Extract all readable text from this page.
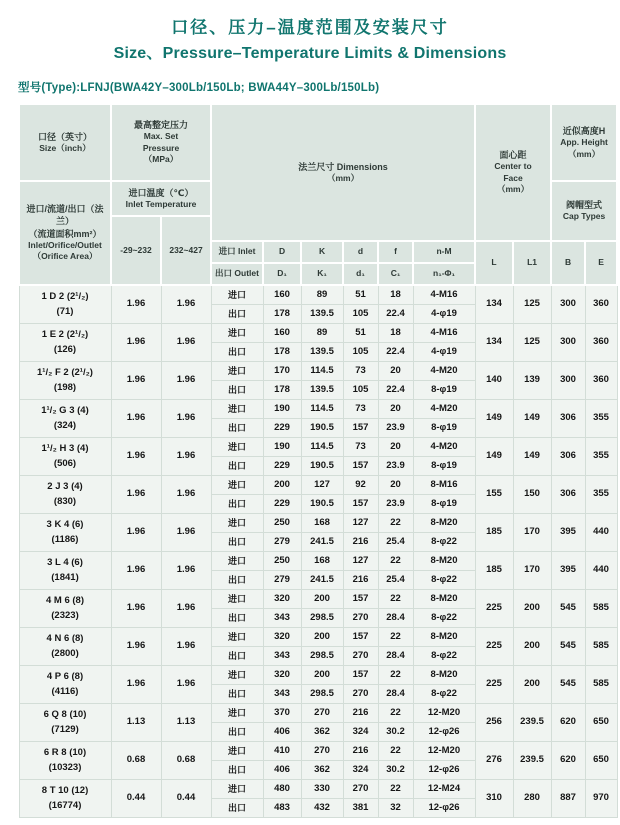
口径、压力–温度范围及安装尺寸
Size、Pressure–Temperature Limits & Dimensions
型号(Type):LFNJ(BWA42Y–300Lb/150Lb; BWA44Y–300Lb/150Lb)
口径（英寸）
Size（inch）

最高整定压力
Max. Set
Pressure
（MPa）

法兰尺寸 Dimensions
（mm）

面心距
Center to
Face
（mm）

近似高度H
App. Height
（mm）

进口/流道/出口（法兰）
（流道面积mm²）
Inlet/Orifice/Outlet
（Orifice Area）

进口温度（℃）
Inlet Temperature	阀帽型式
Cap Types

	-29~232	232~427										
			进口 Inlet	D	K	d	f	n-M	L	L1	B	E
			出口 Outlet	D₁	K₁	d₁	C₁	n₁-Φ₁				

1 D 2 (2¹/₂)
(71)	1.96	1.96	进口	160	89	51	18	4-M16	134	125	300	360
			出口	178	139.5	105	22.4	4-φ19				

1 E 2 (2¹/₂)
(126)	1.96	1.96	进口	160	89	51	18	4-M16	134	125	300	360
			出口	178	139.5	105	22.4	4-φ19				

1¹/₂ F 2 (2¹/₂)
(198)	1.96	1.96	进口	170	114.5	73	20	4-M20	140	139	300	360
			出口	178	139.5	105	22.4	8-φ19				

1¹/₂ G 3 (4)
(324)	1.96	1.96	进口	190	114.5	73	20	4-M20	149	149	306	355
			出口	229	190.5	157	23.9	8-φ19				

1¹/₂ H 3 (4)
(506)	1.96	1.96	进口	190	114.5	73	20	4-M20	149	149	306	355
			出口	229	190.5	157	23.9	8-φ19				

2 J 3 (4)
(830)	1.96	1.96	进口	200	127	92	20	8-M16	155	150	306	355
			出口	229	190.5	157	23.9	8-φ19				

3 K 4 (6)
(1186)	1.96	1.96	进口	250	168	127	22	8-M20	185	170	395	440
			出口	279	241.5	216	25.4	8-φ22				

3 L 4 (6)
(1841)	1.96	1.96	进口	250	168	127	22	8-M20	185	170	395	440
			出口	279	241.5	216	25.4	8-φ22				

4 M 6 (8)
(2323)	1.96	1.96	进口	320	200	157	22	8-M20	225	200	545	585
			出口	343	298.5	270	28.4	8-φ22				

4 N 6 (8)
(2800)	1.96	1.96	进口	320	200	157	22	8-M20	225	200	545	585
			出口	343	298.5	270	28.4	8-φ22				

4 P 6 (8)
(4116)	1.96	1.96	进口	320	200	157	22	8-M20	225	200	545	585
			出口	343	298.5	270	28.4	8-φ22				

6 Q 8 (10)
(7129)	1.13	1.13	进口	370	270	216	22	12-M20	256	239.5	620	650
			出口	406	362	324	30.2	12-φ26				

6 R 8 (10)
(10323)	0.68	0.68	进口	410	270	216	22	12-M20	276	239.5	620	650
			出口	406	362	324	30.2	12-φ26				

8 T 10 (12)
(16774)	0.44	0.44	进口	480	330	270	22	12-M24	310	280	887	970
			出口	483	432	381	32	12-φ26				
